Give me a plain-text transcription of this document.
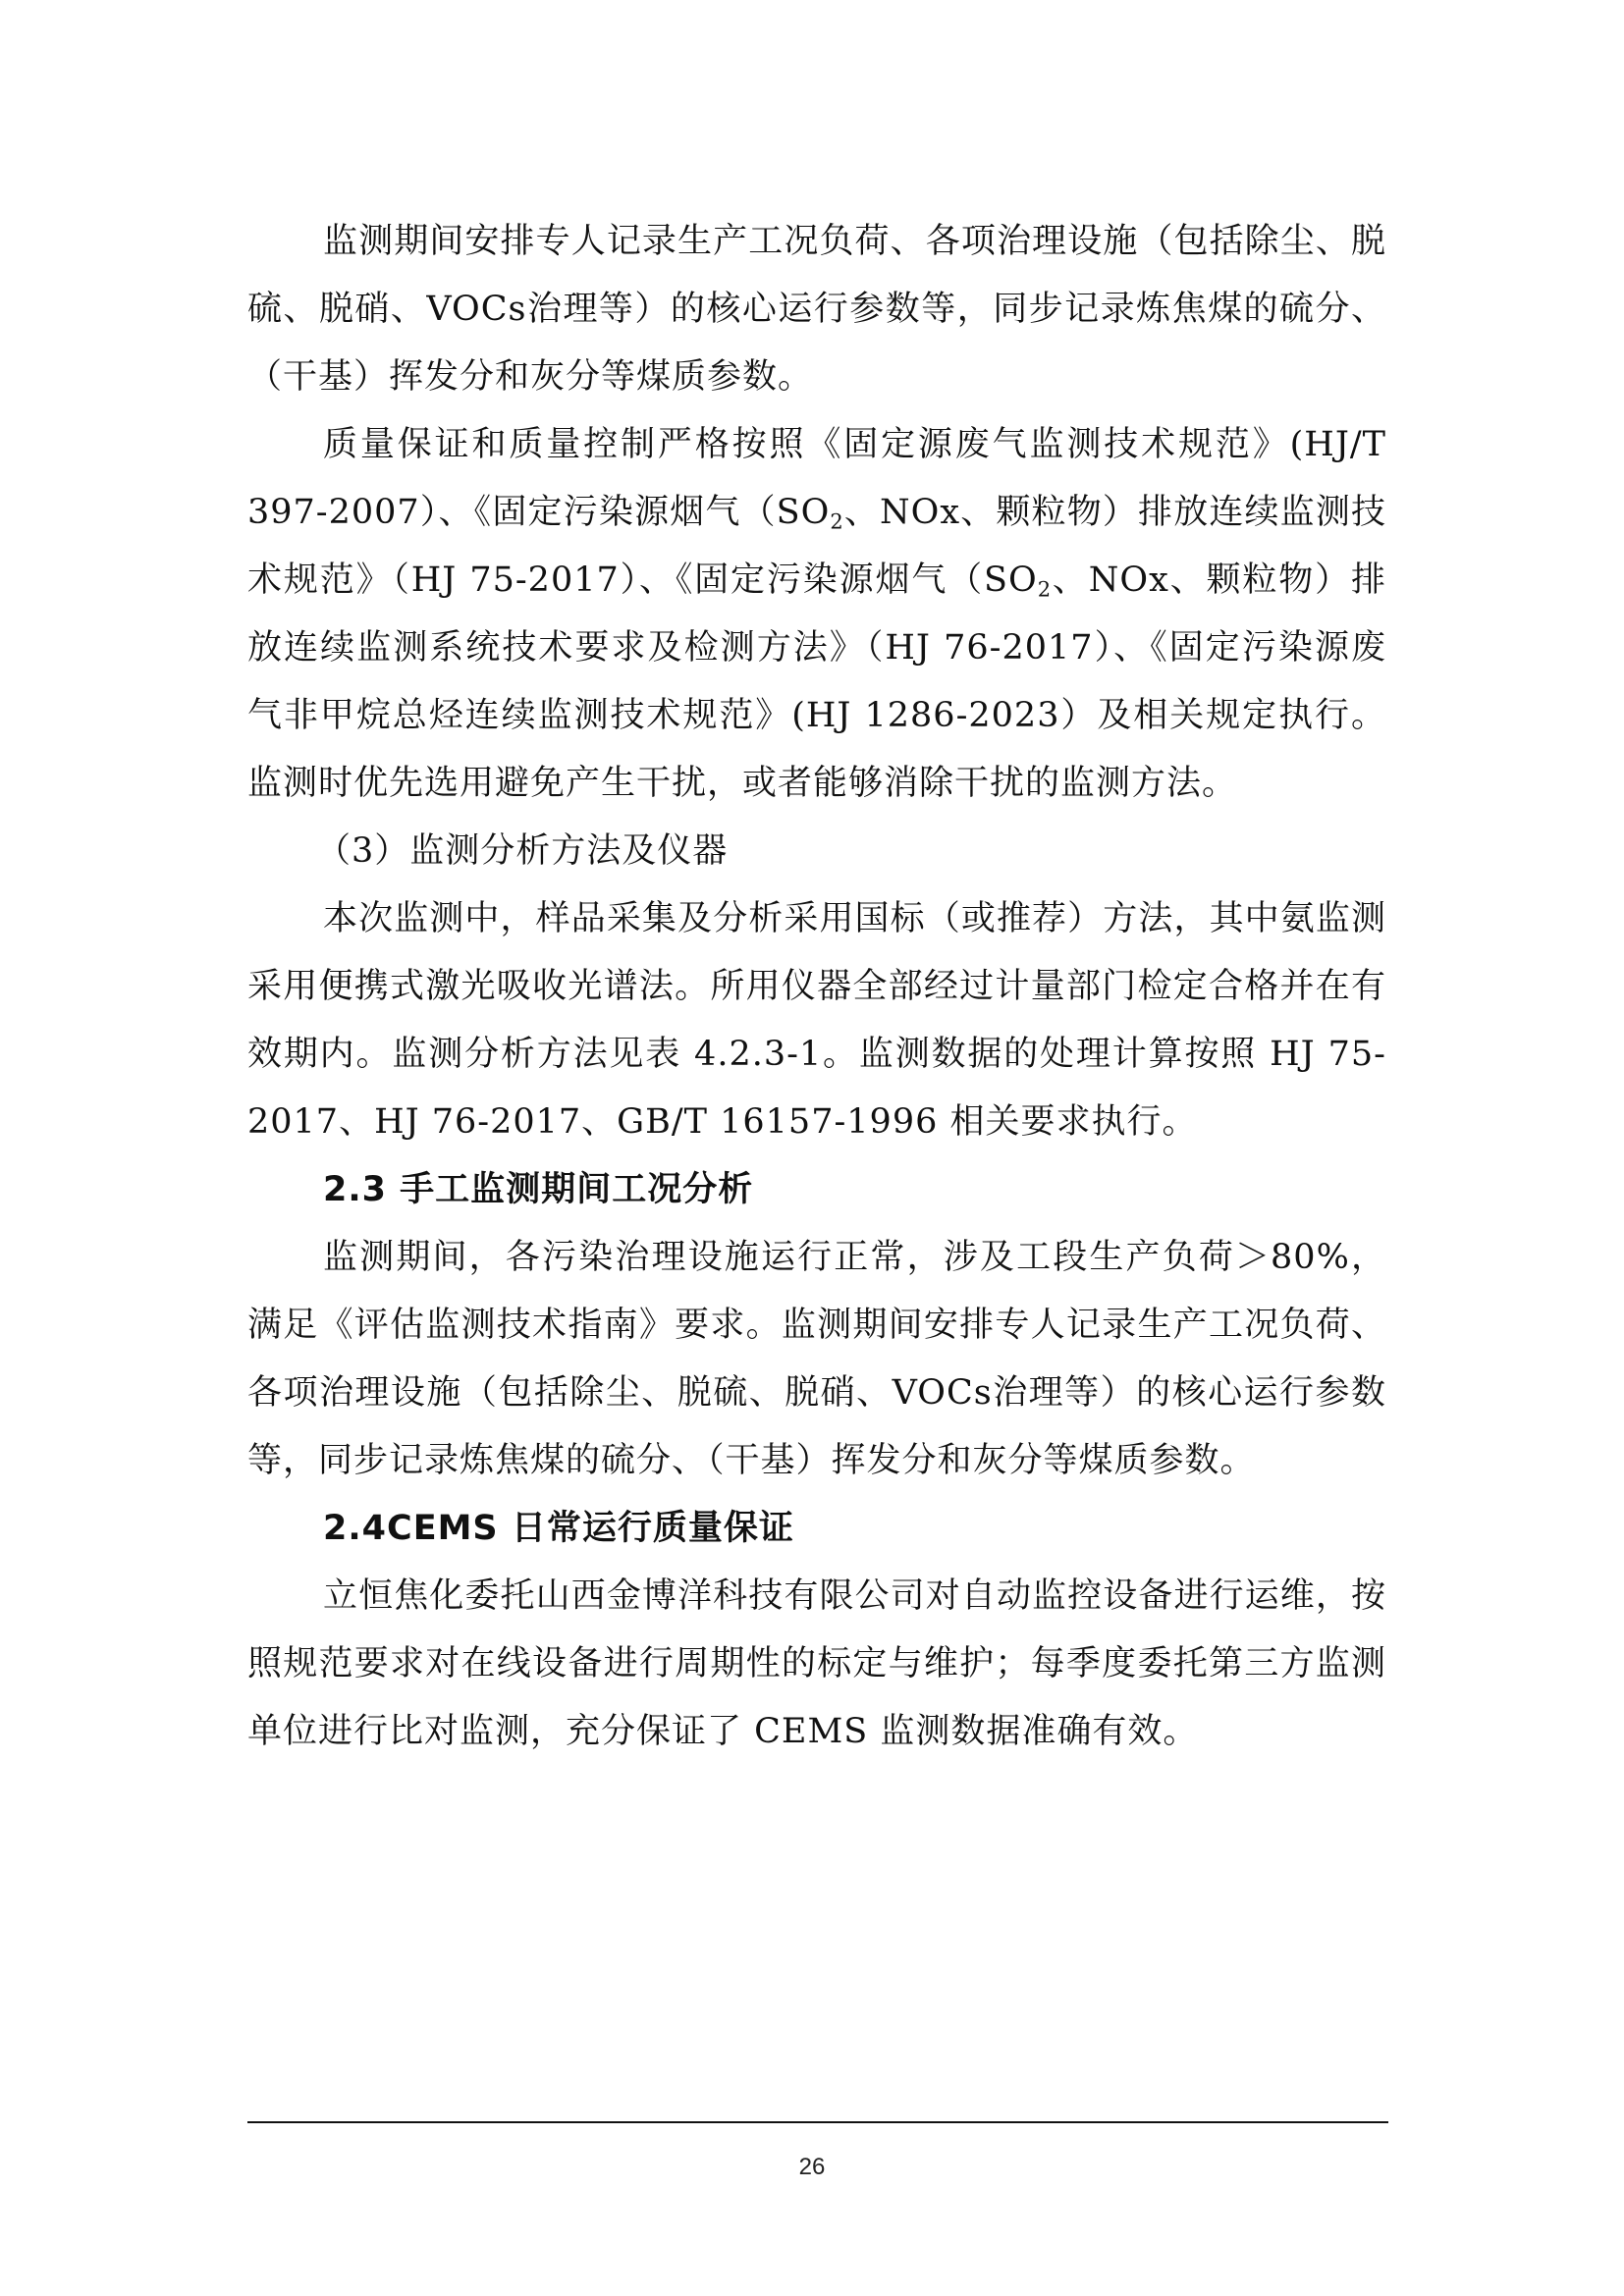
监测期间安排专人记录生产工况负荷、各项治理设施（包括除尘、脱硫、脱硝、VOCs治理等）的核心运行参数等，同步记录炼焦煤的硫分、（干基）挥发分和灰分等煤质参数。

质量保证和质量控制严格按照《固定源废气监测技术规范》(HJ/T 397-2007）、《固定污染源烟气（$SO_2$、NOx、颗粒物）排放连续监测技术规范》（HJ 75-2017）、《固定污染源烟气（$SO_2$、NOx、颗粒物）排放连续监测系统技术要求及检测方法》（HJ 76-2017）、《固定污染源废气非甲烷总烃连续监测技术规范》(HJ 1286-2023）及相关规定执行。监测时优先选用避免产生干扰，或者能够消除干扰的监测方法。

（3）监测分析方法及仪器

本次监测中，样品采集及分析采用国标（或推荐）方法，其中氨监测采用便携式激光吸收光谱法。所用仪器全部经过计量部门检定合格并在有效期内。监测分析方法见表 4.2.3-1。监测数据的处理计算按照 HJ 75-2017、HJ 76-2017、GB/T 16157-1996 相关要求执行。

2.3 手工监测期间工况分析

监测期间，各污染治理设施运行正常，涉及工段生产负荷＞80%，满足《评估监测技术指南》要求。监测期间安排专人记录生产工况负荷、各项治理设施（包括除尘、脱硫、脱硝、VOCs治理等）的核心运行参数等，同步记录炼焦煤的硫分、（干基）挥发分和灰分等煤质参数。

2.4CEMS 日常运行质量保证

立恒焦化委托山西金博洋科技有限公司对自动监控设备进行运维，按照规范要求对在线设备进行周期性的标定与维护；每季度委托第三方监测单位进行比对监测，充分保证了 CEMS 监测数据准确有效。

26
